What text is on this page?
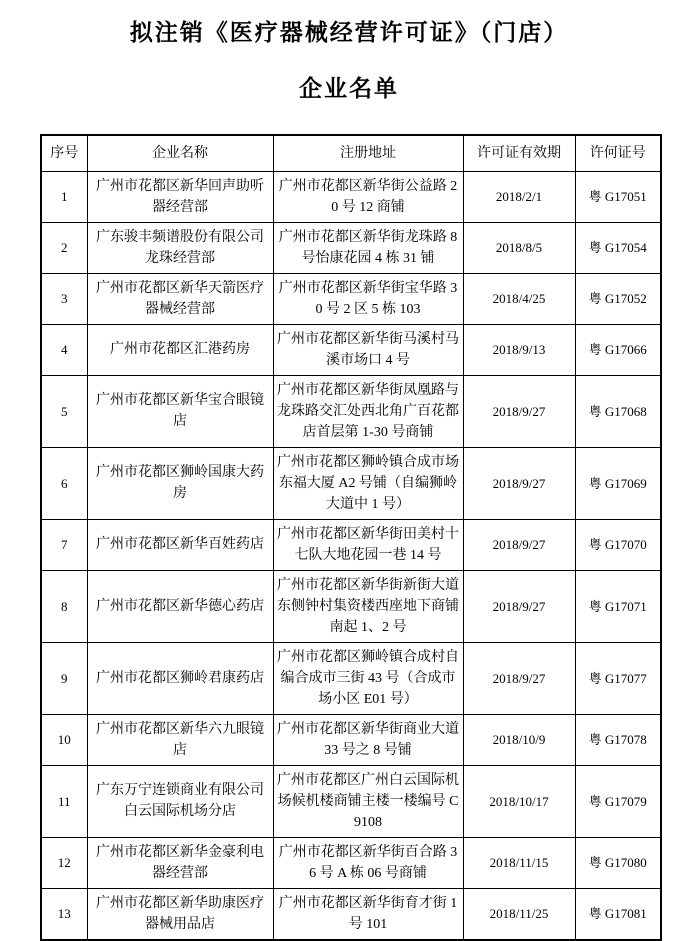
拟注销《医疗器械经营许可证》（门店）
企业名单
序号	企业名称	注册地址	许可证有效期	许何证号
1	广州市花都区新华回声助听器经营部	广州市花都区新华街公益路 20 号 12 商铺	2018/2/1	粤 G17051
2	广东骏丰频谱股份有限公司龙珠经营部	广州市花都区新华街龙珠路 8 号怡康花园 4 栋 31 铺	2018/8/5	粤 G17054
3	广州市花都区新华天箭医疗器械经营部	广州市花都区新华街宝华路 30 号 2 区 5 栋 103	2018/4/25	粤 G17052
4	广州市花都区汇港药房	广州市花都区新华街马溪村马溪市场口 4 号	2018/9/13	粤 G17066
5	广州市花都区新华宝合眼镜店	广州市花都区新华街凤凰路与龙珠路交汇处西北角广百花都店首层第 1-30 号商铺	2018/9/27	粤 G17068
6	广州市花都区狮岭国康大药房	广州市花都区狮岭镇合成市场东福大厦 A2 号铺（自编狮岭大道中 1 号）	2018/9/27	粤 G17069
7	广州市花都区新华百姓药店	广州市花都区新华街田美村十七队大地花园一巷 14 号	2018/9/27	粤 G17070
8	广州市花都区新华德心药店	广州市花都区新华街新街大道东侧钟村集资楼西座地下商铺南起 1、2 号	2018/9/27	粤 G17071
9	广州市花都区狮岭君康药店	广州市花都区狮岭镇合成村自编合成市三街 43 号（合成市场小区 E01 号）	2018/9/27	粤 G17077
10	广州市花都区新华六九眼镜店	广州市花都区新华街商业大道 33 号之 8 号铺	2018/10/9	粤 G17078
11	广东万宁连锁商业有限公司白云国际机场分店	广州市花都区广州白云国际机场候机楼商铺主楼一楼编号 C9108	2018/10/17	粤 G17079
12	广州市花都区新华金豪利电器经营部	广州市花都区新华街百合路 36 号 A 栋 06 号商铺	2018/11/15	粤 G17080
13	广州市花都区新华助康医疗器械用品店	广州市花都区新华街育才街 1 号 101	2018/11/25	粤 G17081
